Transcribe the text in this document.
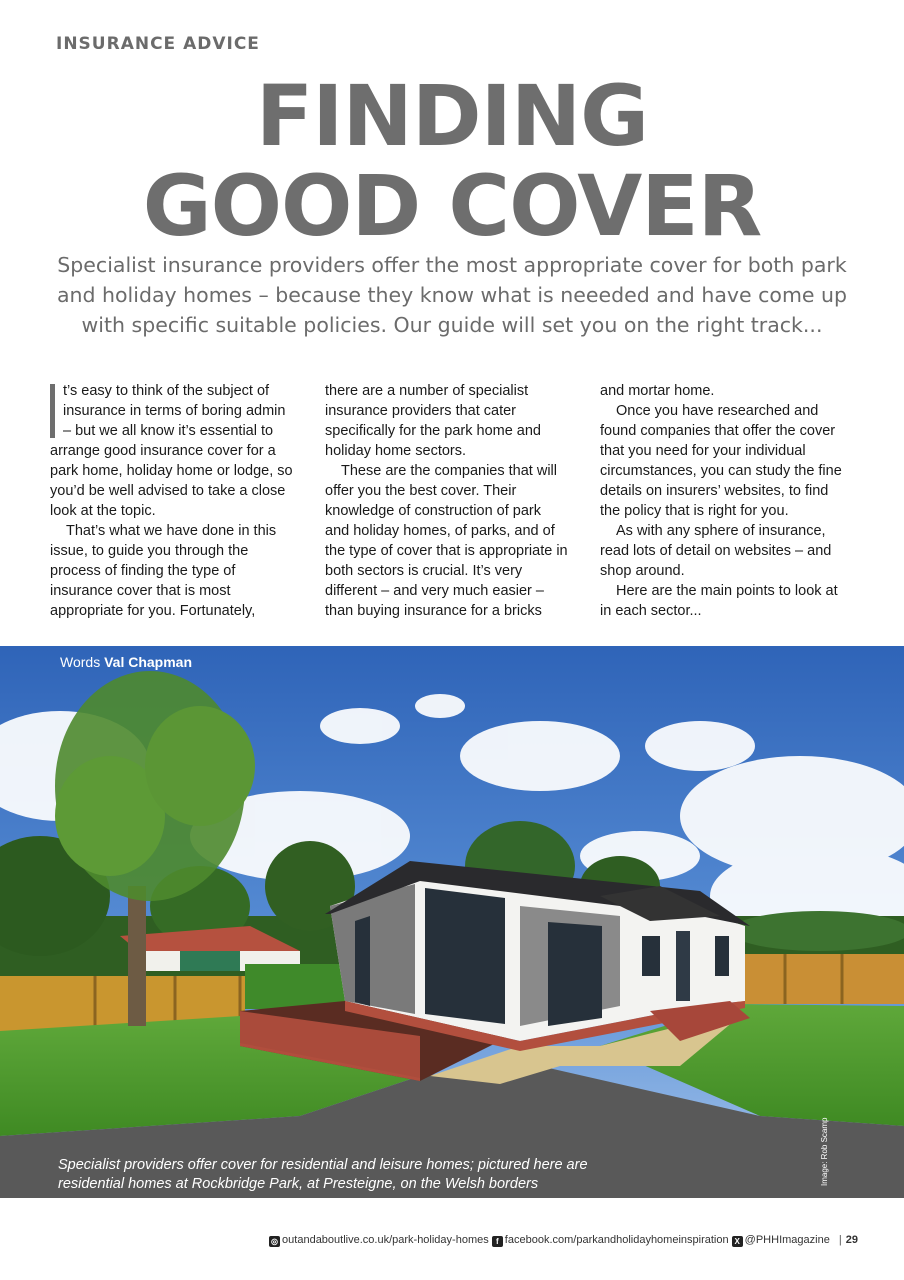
INSURANCE ADVICE
FINDING
GOOD COVER
Specialist insurance providers offer the most appropriate cover for both park and holiday homes – because they know what is neeeded and have come up with specific suitable policies. Our guide will set you on the right track...

t’s easy to think of the subject of insurance in terms of boring admin – but we all know it’s essential to arrange good insurance cover for a park home, holiday home or lodge, so you’d be well advised to take a close look at the topic.

That’s what we have done in this issue, to guide you through the process of finding the type of insurance cover that is most appropriate for you. Fortunately,

there are a number of specialist insurance providers that cater specifically for the park home and holiday home sectors.

These are the companies that will offer you the best cover. Their knowledge of construction of park and holiday homes, of parks, and of the type of cover that is appropriate in both sectors is crucial. It’s very different – and very much easier – than buying insurance for a bricks

and mortar home.

Once you have researched and found companies that offer the cover that you need for your individual circumstances, you can study the fine details on insurers’ websites, to find the policy that is right for you.

As with any sphere of insurance, read lots of detail on websites – and shop around.

Here are the main points to look at in each sector...

Words Val Chapman
Specialist providers offer cover for residential and leisure homes; pictured here are residential homes at Rockbridge Park, at Presteigne, on the Welsh borders	Image: Rob Scamp
◎ outandaboutlive.co.uk/park-holiday-homes f facebook.com/parkandholidayhomeinspiration X @PHHImagazine | 29
